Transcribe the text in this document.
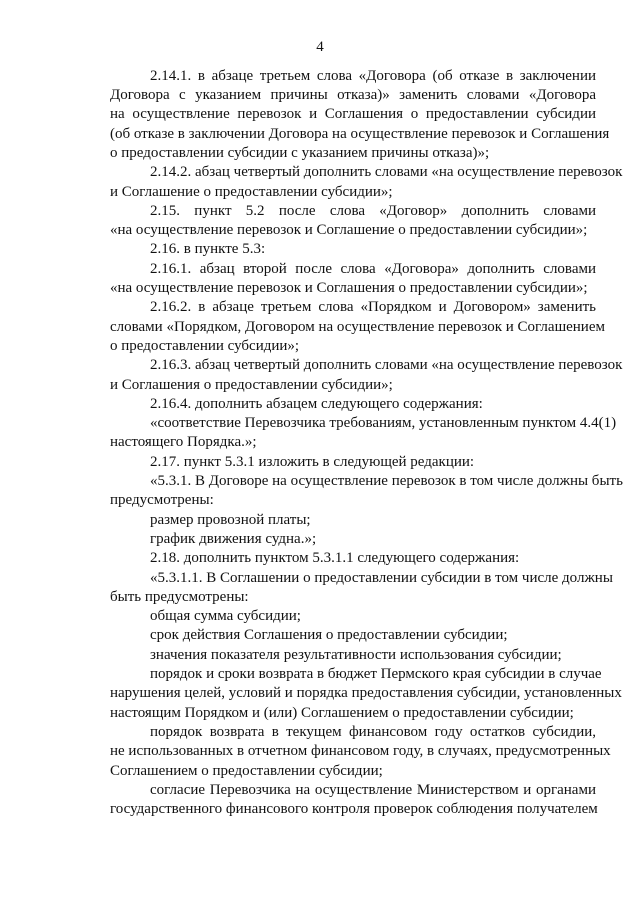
4
2.14.1. в абзаце третьем слова «Договора (об отказе в заключении
Договора с указанием причины отказа)» заменить словами «Договора
на осуществление перевозок и Соглашения о предоставлении субсидии
(об отказе в заключении Договора на осуществление перевозок и Соглашения
о предоставлении субсидии с указанием причины отказа)»;
2.14.2. абзац четвертый дополнить словами «на осуществление перевозок
и Соглашение о предоставлении субсидии»;
2.15. пункт 5.2 после слова «Договор» дополнить словами
«на осуществление перевозок и Соглашение о предоставлении субсидии»;
2.16. в пункте 5.3:
2.16.1. абзац второй после слова «Договора» дополнить словами
«на осуществление перевозок и Соглашения о предоставлении субсидии»;
2.16.2. в абзаце третьем слова «Порядком и Договором» заменить
словами «Порядком, Договором на осуществление перевозок и Соглашением
о предоставлении субсидии»;
2.16.3. абзац четвертый дополнить словами «на осуществление перевозок
и Соглашения о предоставлении субсидии»;
2.16.4. дополнить абзацем следующего содержания:
«соответствие Перевозчика требованиям, установленным пунктом 4.4(1)
настоящего Порядка.»;
2.17. пункт 5.3.1 изложить в следующей редакции:
«5.3.1. В Договоре на осуществление перевозок в том числе должны быть
предусмотрены:
размер провозной платы;
график движения судна.»;
2.18. дополнить пунктом 5.3.1.1 следующего содержания:
«5.3.1.1. В Соглашении о предоставлении субсидии в том числе должны
быть предусмотрены:
общая сумма субсидии;
срок действия Соглашения о предоставлении субсидии;
значения показателя результативности использования субсидии;
порядок и сроки возврата в бюджет Пермского края субсидии в случае
нарушения целей, условий и порядка предоставления субсидии, установленных
настоящим Порядком и (или) Соглашением о предоставлении субсидии;
порядок возврата в текущем финансовом году остатков субсидии,
не использованных в отчетном финансовом году, в случаях, предусмотренных
Соглашением о предоставлении субсидии;
согласие Перевозчика на осуществление Министерством и органами
государственного финансового контроля проверок соблюдения получателем
